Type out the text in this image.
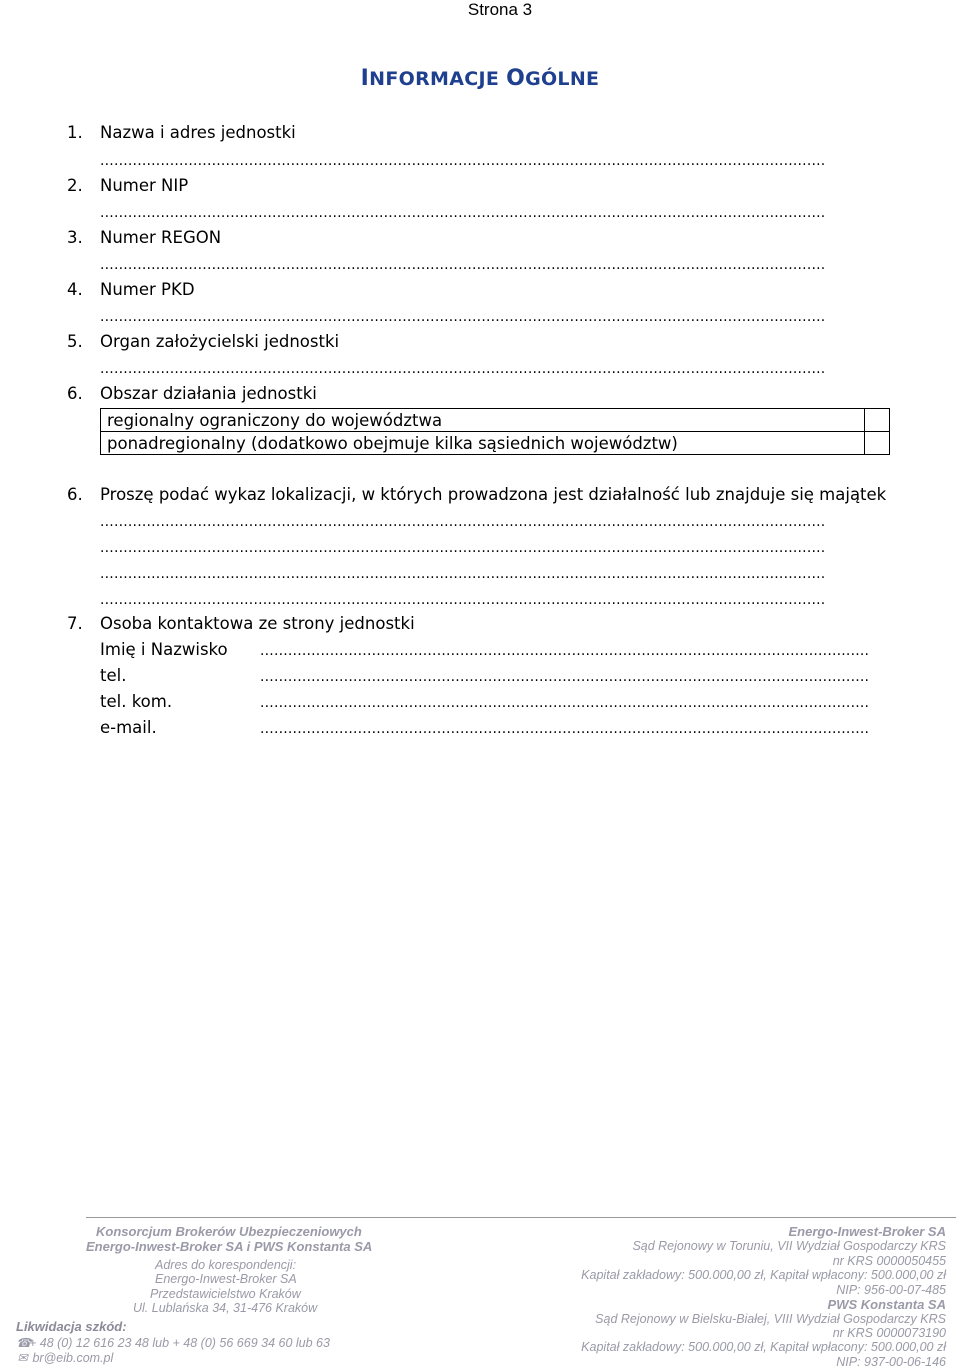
Strona 3
INFORMACJE OGÓLNE
1. Nazwa i adres jednostki
............................................................................................................................................................
2. Numer NIP
............................................................................................................................................................
3. Numer REGON
............................................................................................................................................................
4. Numer PKD
............................................................................................................................................................
5. Organ założycielski jednostki
............................................................................................................................................................
6. Obszar działania jednostki
regionalny ograniczony do województwa	
ponadregionalny (dodatkowo obejmuje kilka sąsiednich województw)	
6. Proszę podać wykaz lokalizacji, w których prowadzona jest działalność lub znajduje się majątek
............................................................................................................................................................
............................................................................................................................................................
............................................................................................................................................................
............................................................................................................................................................
7. Osoba kontaktowa ze strony jednostki
Imię i Nazwisko ...................................................................................................................................
tel.	...................................................................................................................................
tel. kom.	...................................................................................................................................
e-mail.	...................................................................................................................................
Konsorcjum Brokerów Ubezpieczeniowych
Energo-Inwest-Broker SA i PWS Konstanta SA
Adres do korespondencji:
Energo-Inwest-Broker SA
Przedstawicielstwo Kraków
Ul. Lublańska 34, 31-476 Kraków
Likwidacja szkód:
☎+ 48 (0) 12 616 23 48 lub + 48 (0) 56 669 34 60 lub 63
✉ br@eib.com.pl
Energo-Inwest-Broker SA
Sąd Rejonowy w Toruniu, VII Wydział Gospodarczy KRS
nr KRS 0000050455
Kapitał zakładowy: 500.000,00 zł, Kapitał wpłacony: 500.000,00 zł
NIP: 956-00-07-485
PWS Konstanta SA
Sąd Rejonowy w Bielsku-Białej, VIII Wydział Gospodarczy KRS
nr KRS 0000073190
Kapitał zakładowy: 500.000,00 zł, Kapitał wpłacony: 500.000,00 zł
NIP: 937-00-06-146
